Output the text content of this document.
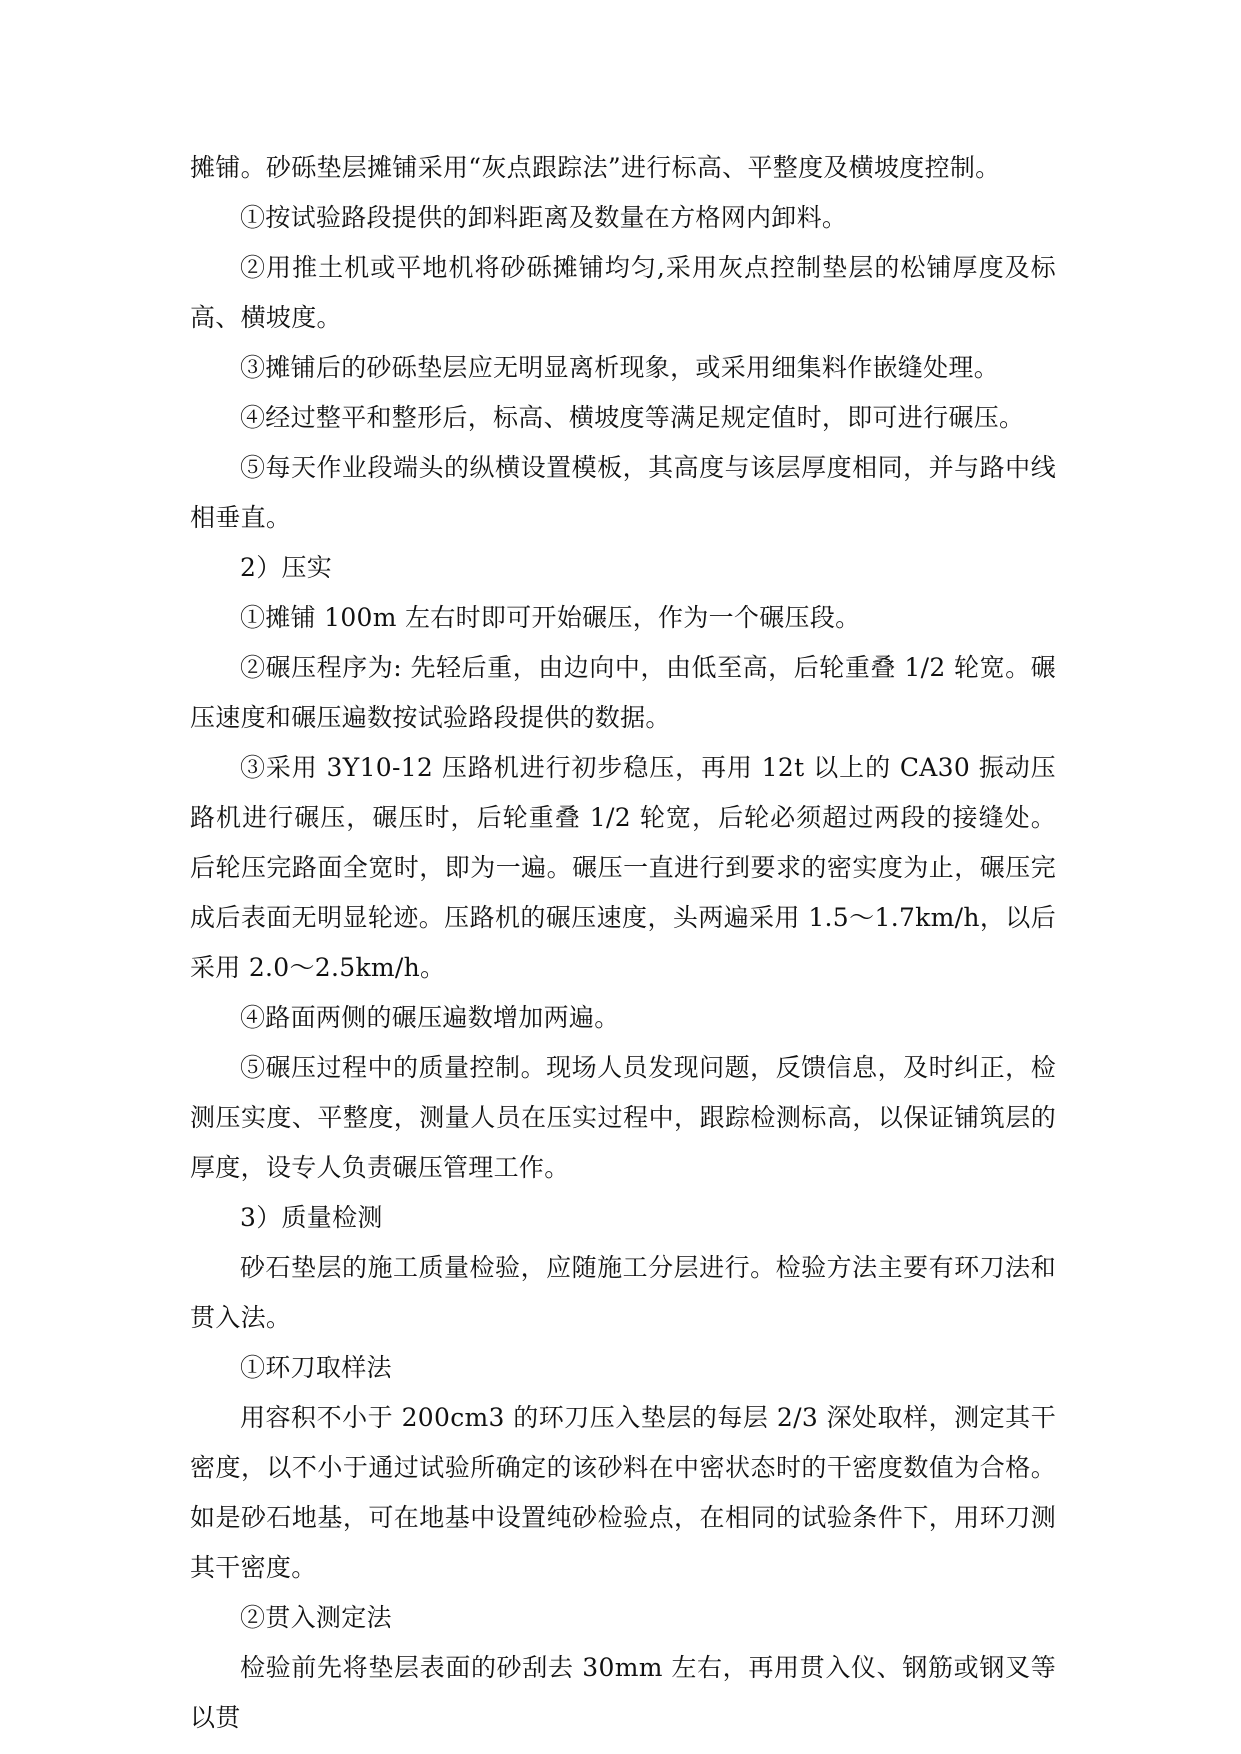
摊铺。砂砾垫层摊铺采用“灰点跟踪法”进行标高、平整度及横坡度控制。

①按试验路段提供的卸料距离及数量在方格网内卸料。

②用推土机或平地机将砂砾摊铺均匀,采用灰点控制垫层的松铺厚度及标高、横坡度。

③摊铺后的砂砾垫层应无明显离析现象，或采用细集料作嵌缝处理。

④经过整平和整形后，标高、横坡度等满足规定值时，即可进行碾压。

⑤每天作业段端头的纵横设置模板，其高度与该层厚度相同，并与路中线相垂直。

2）压实

①摊铺 100m 左右时即可开始碾压，作为一个碾压段。

②碾压程序为: 先轻后重，由边向中，由低至高，后轮重叠 1/2 轮宽。碾压速度和碾压遍数按试验路段提供的数据。

③采用 3Y10-12 压路机进行初步稳压，再用 12t 以上的 CA30 振动压路机进行碾压，碾压时，后轮重叠 1/2 轮宽，后轮必须超过两段的接缝处。后轮压完路面全宽时，即为一遍。碾压一直进行到要求的密实度为止，碾压完成后表面无明显轮迹。压路机的碾压速度，头两遍采用 1.5～1.7km/h，以后采用 2.0～2.5km/h。

④路面两侧的碾压遍数增加两遍。

⑤碾压过程中的质量控制。现场人员发现问题，反馈信息，及时纠正，检测压实度、平整度，测量人员在压实过程中，跟踪检测标高，以保证铺筑层的厚度，设专人负责碾压管理工作。

3）质量检测

砂石垫层的施工质量检验，应随施工分层进行。检验方法主要有环刀法和贯入法。

①环刀取样法

用容积不小于 200cm3 的环刀压入垫层的每层 2/3 深处取样，测定其干密度，以不小于通过试验所确定的该砂料在中密状态时的干密度数值为合格。如是砂石地基，可在地基中设置纯砂检验点，在相同的试验条件下，用环刀测其干密度。

②贯入测定法

检验前先将垫层表面的砂刮去 30mm 左右，再用贯入仪、钢筋或钢叉等以贯
